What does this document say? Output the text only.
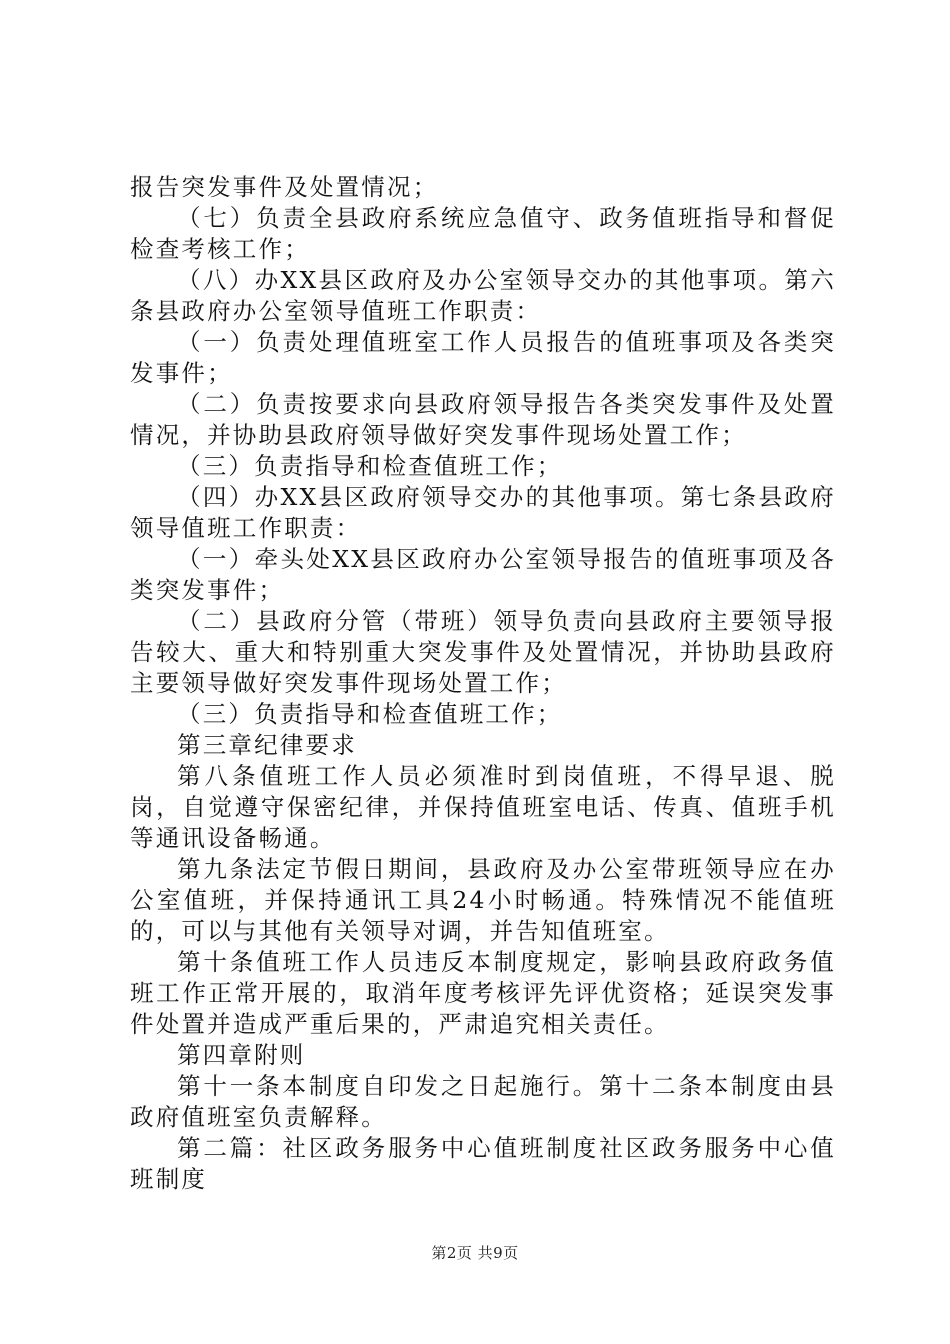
报告突发事件及处置情况；

（七）负责全县政府系统应急值守、政务值班指导和督促检查考核工作；

（八）办XX县区政府及办公室领导交办的其他事项。第六条县政府办公室领导值班工作职责：

（一）负责处理值班室工作人员报告的值班事项及各类突发事件；

（二）负责按要求向县政府领导报告各类突发事件及处置情况，并协助县政府领导做好突发事件现场处置工作；

（三）负责指导和检查值班工作；

（四）办XX县区政府领导交办的其他事项。第七条县政府领导值班工作职责：

（一）牵头处XX县区政府办公室领导报告的值班事项及各类突发事件；

（二）县政府分管（带班）领导负责向县政府主要领导报告较大、重大和特别重大突发事件及处置情况，并协助县政府主要领导做好突发事件现场处置工作；

（三）负责指导和检查值班工作；

第三章纪律要求

第八条值班工作人员必须准时到岗值班，不得早退、脱岗，自觉遵守保密纪律，并保持值班室电话、传真、值班手机等通讯设备畅通。

第九条法定节假日期间，县政府及办公室带班领导应在办公室值班，并保持通讯工具24小时畅通。特殊情况不能值班的，可以与其他有关领导对调，并告知值班室。

第十条值班工作人员违反本制度规定，影响县政府政务值班工作正常开展的，取消年度考核评先评优资格；延误突发事件处置并造成严重后果的，严肃追究相关责任。

第四章附则

第十一条本制度自印发之日起施行。第十二条本制度由县政府值班室负责解释。

第二篇：社区政务服务中心值班制度社区政务服务中心值班制度

第2页 共9页
